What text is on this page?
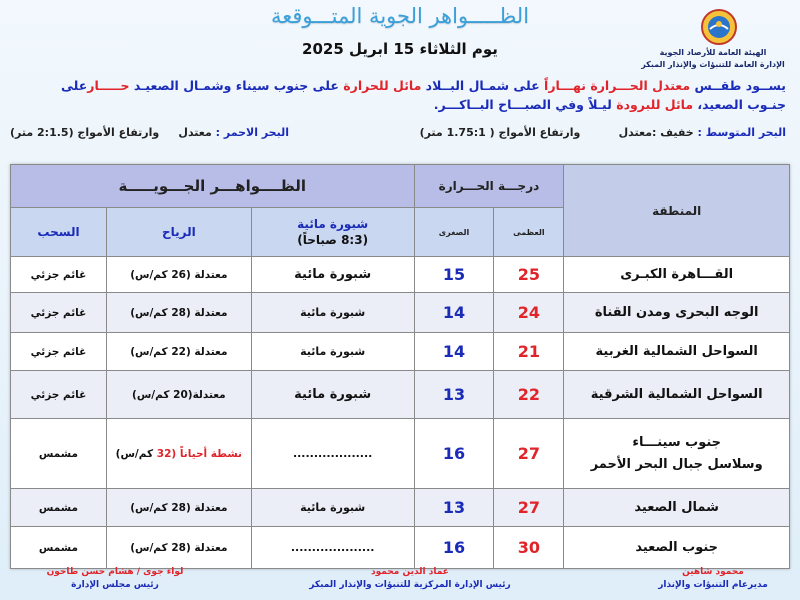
الظـــــواهر الجوية المتـــوقعة
الهيئة العامة للأرصاد الجوية
الإدارة العامة للتنبؤات والإنذار المبكر
يوم الثلاثاء 15 ابريل 2025
يســود طقــس معتدل الحـــرارة نهـــاراً على شمـال البــلاد مائل للحرارة على جنوب سيناء وشمـال الصعيـد حـــــارعلى
جنـوب الصعيد، مائل للبرودة ليـلاً وفي الصبـــاح البــاكـــر.
البحر المتوسط : خفيف :معتدل          وارتفاع الأمواج ( 1.75:1 متر)
البحر الاحمر : معتدل     وارتفاع الأمواج (2:1.5 متر)
المنطقة	درجـــة الحـــرارة		الظــــواهـــر الجـــويـــــة		
	العظمى	الصغرى	شبورة مائية
(8:3 صباحاً)	الرياح	السحب

القـــاهرة الكبـرى	25	15	شبورة مائية	معتدلة (26 كم/س)	غائم جزئي

الوجه البحرى ومدن القناة	24	14	شبورة مائية	معتدلة (28 كم/س)	غائم جزئي

السواحل الشمالية الغربية	21	14	شبورة مائية	معتدلة (22 كم/س)	غائم جزئي

السواحل الشمالية الشرقية	22	13	شبورة مائية	معتدلة(20 كم/س)	غائم جزئي

جنوب سينـــاء
وسلاسل جبال البحر الأحمر	27	16	...................	نشطة أحياناً (32 كم/س)	مشمس

شمال الصعيد	27	13	شبورة مائية	معتدلة (28 كم/س)	مشمس

جنوب الصعيد	30	16	....................	معتدلة (28 كم/س)	مشمس
محمود شاهين
مديرعام التنبؤات والإنذار
عماد الدين محمود
رئيس الإدارة المركزية للتنبؤات والإنذار المبكر
لواء جوى / هشام حسن طاحون
رئيس مجلس الإدارة
